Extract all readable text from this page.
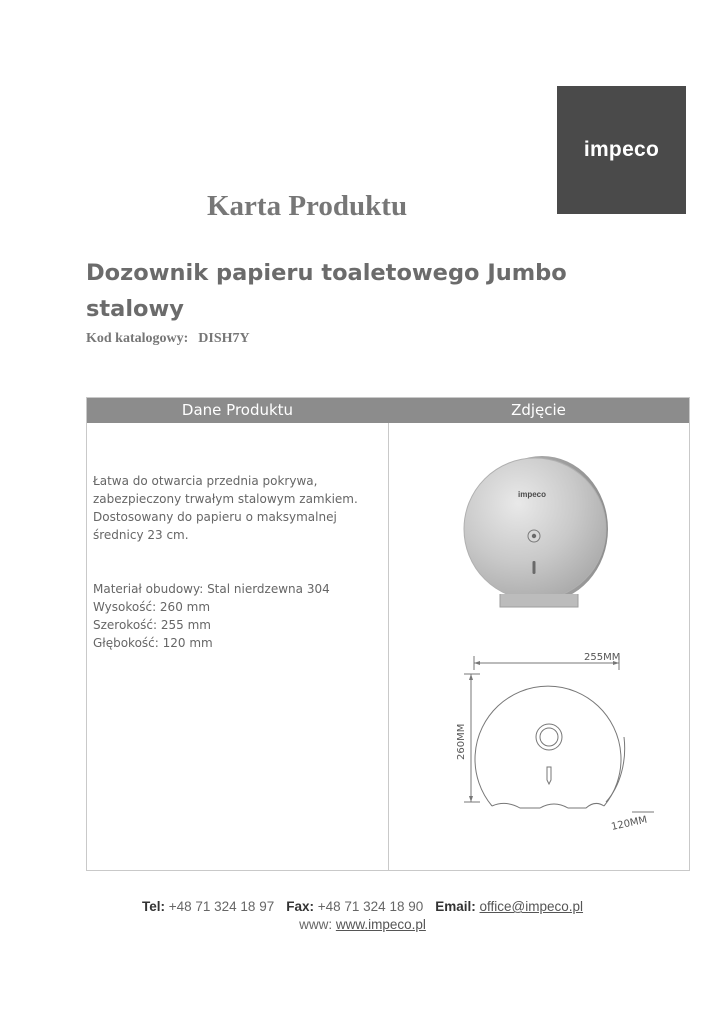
impeco
Karta Produktu
Dozownik papieru toaletowego Jumbo stalowy
Kod katalogowy: DISH7Y
Dane Produktu	Zdjęcie

Łatwa do otwarcia przednia pokrywa,

zabezpieczony trwałym stalowym zamkiem.

Dostosowany do papieru o maksymalnej

średnicy 23 cm.

Materiał obudowy: Stal nierdzewna 304
Wysokość: 260 mm
Szerokość: 255 mm
Głębokość: 120 mm
impeco
255MM
260MM
120MM
Tel: +48 71 324 18 97 Fax: +48 71 324 18 90 Email: office@impeco.pl
www: www.impeco.pl
